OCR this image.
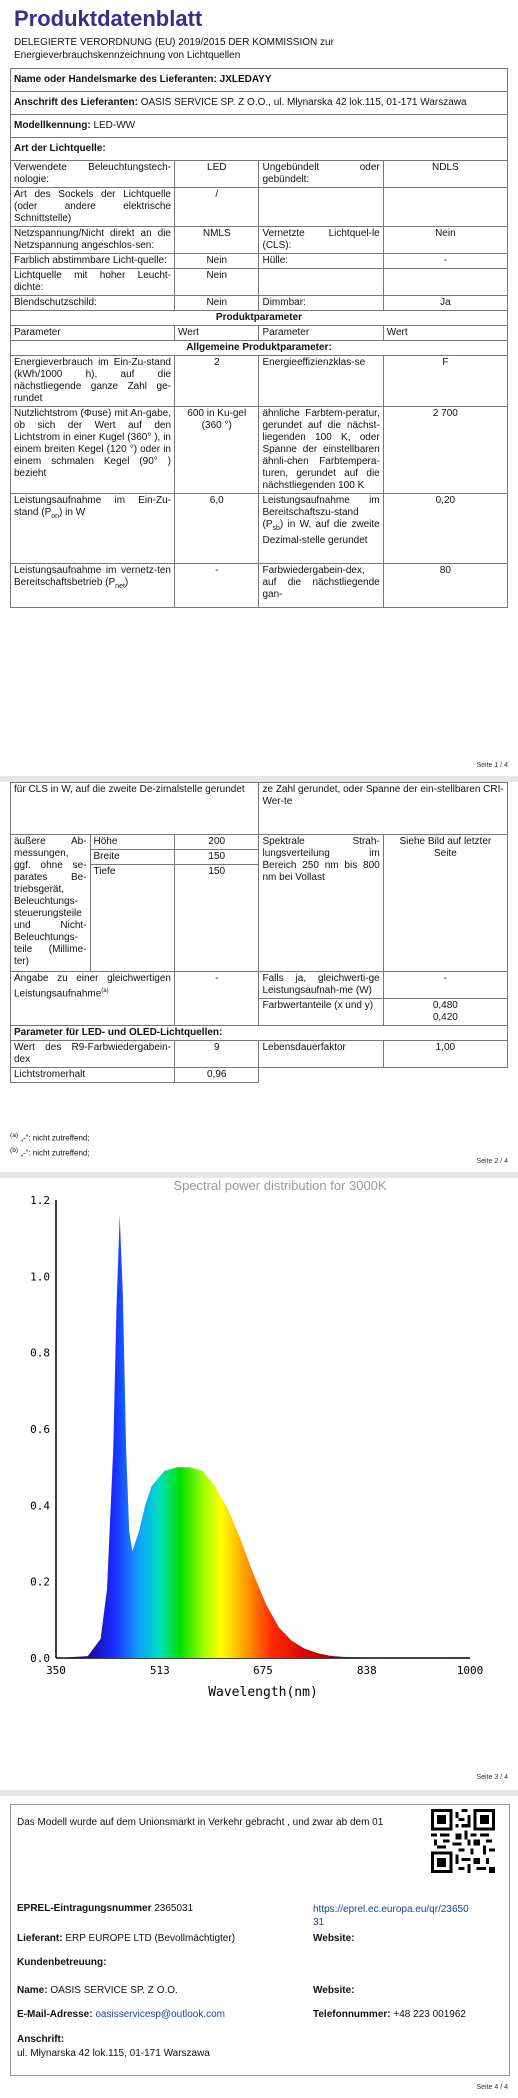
Produktdatenblatt
DELEGIERTE VERORDNUNG (EU) 2019/2015 DER KOMMISSION zur
Energieverbrauchskennzeichnung von Lichtquellen
Name oder Handelsmarke des Lieferanten: JXLEDAYY			
Anschrift des Lieferanten: OASIS SERVICE SP. Z O.O., ul. Młynarska 42 lok.115, 01-171 Warszawa			
Modellkennung: LED-WW			
Art der Lichtquelle:			
Verwendete Beleuchtungstech-nologie:	LED	Ungebündelt oder gebündelt:	NDLS
Art des Sockels der Lichtquelle (oder andere elektrische Schnittstelle)	/		
Netzspannung/Nicht direkt an die Netzspannung angeschlos-sen:	NMLS	Vernetzte Lichtquel-le (CLS):	Nein
Farblich abstimmbare Licht-quelle:	Nein	Hülle:	-
Lichtquelle mit hoher Leucht-dichte:	Nein		
Blendschutzschild:	Nein	Dimmbar:	Ja
Produktparameter			
Parameter	Wert	Parameter	Wert
Allgemeine Produktparameter:			
Energieverbrauch im Ein-Zu-stand (kWh/1000 h), auf die nächstliegende ganze Zahl ge-rundet	2	Energieeffizienzklas-se	F
Nutzlichtstrom (Φuse) mit An-gabe, ob sich der Wert auf den Lichtstrom in einer Kugel (360° ), in einem breiten Kegel (120 °) oder in einem schmalen Kegel (90° ) bezieht	600 in Ku-gel (360 °)	ähnliche Farbtem-peratur, gerundet auf die nächst-liegenden 100 K, oder Spanne der einstellbaren ähnli-chen Farbtempera-turen, gerundet auf die nächstliegenden 100 K	2 700
Leistungsaufnahme im Ein-Zu-stand $(P_{on})$ in W	6,0	Leistungsaufnahme im Bereitschaftszu-stand $(P_{sb})$ in W, auf die zweite Dezimal-stelle gerundet	0,20
Leistungsaufnahme im vernetz-ten Bereitschaftsbetrieb $(P_{net})$	-	Farbwiedergabein-dex, auf die nächstliegende gan-	80
Seite 1 / 4
für CLS in W, auf die zweite De-zimalstelle gerundet			ze Zahl gerundet, oder Spanne der ein-stellbaren CRI-Wer-te	
äußere Ab-messungen, ggf. ohne se-parates Be-triebsgerät, Beleuchtungs-steuerungsteile und Nicht-Beleuchtungs-teile (Millime-ter)	Höhe	200	Spektrale Strah-lungsverteilung im Bereich 250 nm bis 800 nm bei Vollast	Siehe Bild auf letzter Seite
	Breite	150		
	Tiefe	150		
Angabe zu einer gleichwertigen Leistungsaufnahme$^{(a)}$		-	Falls ja, gleichwerti-ge Leistungsaufnah-me (W)	-
			Farbwertanteile (x und y)	0,480
0,420

Parameter für LED- und OLED-Lichtquellen:				
Wert des R9-Farbwiedergabein-dex		9	Lebensdauerfaktor	1,00
Lichtstromerhalt		0,96		
$^{(a)}$ „-“: nicht zutreffend;
$^{(b)}$ „-“: nicht zutreffend;
Seite 2 / 4
Spectral power distribution for 3000K
0.0
0.2
0.4
0.6
0.8
1.0
1.2
350	513	675	838	1000
Wavelength(nm)
Seite 3 / 4
Das Modell wurde auf dem Unionsmarkt in Verkehr gebracht , und zwar ab dem 01
EPREL-Eintragungsnummer 2365031	https://eprel.ec.europa.eu/qr/2365031
Lieferant: ERP EUROPE LTD (Bevollmächtigter)	Website:
Kundenbetreuung:
Name: OASIS SERVICE SP. Z O.O.	Website:
E-Mail-Adresse: oasisservicesp@outlook.com	Telefonnummer: +48 223 001962
Anschrift:
ul. Młynarska 42 lok.115, 01-171 Warszawa
Seite 4 / 4
